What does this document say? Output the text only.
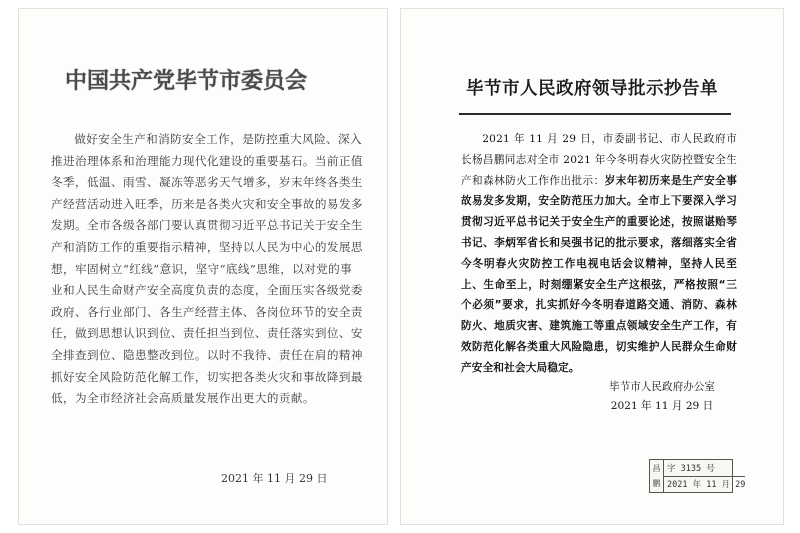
中国共产党毕节市委员会
做好安全生产和消防安全工作，是防控重大风险、深入推进治理体系和治理能力现代化建设的重要基石。当前正值冬季，低温、雨雪、凝冻等恶劣天气增多，岁末年终各类生产经营活动进入旺季，历来是各类火灾和安全事故的易发多发期。全市各级各部门要认真贯彻习近平总书记关于安全生产和消防工作的重要指示精神，坚持以人民为中心的发展思想，牢固树立“红线”意识，坚守“底线”思维，以对党的事业和人民生命财产安全高度负责的态度，全面压实各级党委政府、各行业部门、各生产经营主体、各岗位环节的安全责任，做到思想认识到位、责任担当到位、责任落实到位、安全排查到位、隐患整改到位。以时不我待、责任在肩的精神抓好安全风险防范化解工作，切实把各类火灾和事故降到最低，为全市经济社会高质量发展作出更大的贡献。
2021 年 11 月 29 日
毕节市人民政府领导批示抄告单
2021 年 11 月 29 日，市委副书记、市人民政府市长杨昌鹏同志对全市 2021 年今冬明春火灾防控暨安全生产和森林防火工作作出批示：岁末年初历来是生产安全事故易发多发期，安全防范压力加大。全市上下要深入学习贯彻习近平总书记关于安全生产的重要论述，按照谌贻琴书记、李炳军省长和吴强书记的批示要求，落细落实全省今冬明春火灾防控工作电视电话会议精神，坚持人民至上、生命至上，时刻绷紧安全生产这根弦，严格按照“三个必须”要求，扎实抓好今冬明春道路交通、消防、森林防火、地质灾害、建筑施工等重点领域安全生产工作，有效防范化解各类重大风险隐患，切实维护人民群众生命财产安全和社会大局稳定。
毕节市人民政府办公室
2021 年 11 月 29 日
昌
鹏
字 3135 号
2021 年 11 月 29
